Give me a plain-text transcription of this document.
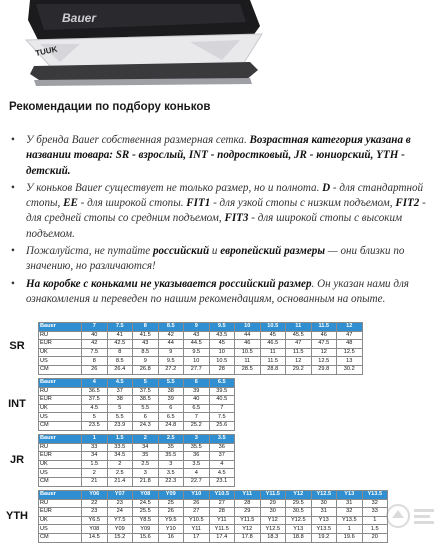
Bauer
TUUK
Рекомендации по подбору коньков
• У бренда Bauer собственная размерная сетка. Возрастная категория указана в названии товара: SR - взрослый, INT - подростковый, JR - юниорский, YTH - детский.
• У коньков Bauer существует не только размер, но и полнота. D - для стандартной стопы, EE - для широкой стопы. FIT1 - для узкой стопы с низким подъемом, FIT2 - для средней стопы со средним подъемом, FIT3 - для широкой стопы с высоким подъемом.
• Пожалуйста, не путайте российский и европейский размеры — они близки по значению, но различаются!
• На коробке с коньками не указывается российский размер. Он указан нами для ознакомления и переведен по нашим рекомендациям, основанным на опыте.
SR
Bauer	7	7.5	8	8.5	9	9.5	10	10.5	11	11.5	12
RU	40	41	41.5	42	43	43.5	44	45	45.5	46	47
EUR	42	42.5	43	44	44.5	45	46	46.5	47	47.5	48
UK	7.5	8	8.5	9	9.5	10	10.5	11	11.5	12	12.5
US	8	8.5	9	9.5	10	10.5	11	11.5	12	12.5	13
CM	26	26.4	26.8	27.2	27.7	28	28.5	28.8	29.2	29.8	30.2
INT
Bauer	4	4.5	5	5.5	6	6.5
RU	36.5	37	37.5	38	39	39.5
EUR	37.5	38	38.5	39	40	40.5
UK	4.5	5	5.5	6	6.5	7
US	5	5.5	6	6.5	7	7.5
CM	23.5	23.9	24.3	24.8	25.2	25.6
JR
Bauer	1	1.5	2	2.5	3	3.5
RU	33	33.5	34	35	35.5	36
EUR	34	34.5	35	35.5	36	37
UK	1.5	2	2.5	3	3.5	4
US	2	2.5	3	3.5	4	4.5
CM	21	21.4	21.8	22.3	22.7	23.1
YTH
Bauer	Y06	Y07	Y08	Y09	Y10	Y10.5	Y11	Y11.5	Y12	Y12.5	Y13	Y13.5
RU	22	23	24.5	25	26	27	28	29	29.5	30	31	32
EUR	23	24	25.5	26	27	28	29	30	30.5	31	32	33
UK	Y6.5	Y7.5	Y8.5	Y9.5	Y10.5	Y11	Y11.5	Y12	Y12.5	Y13	Y13.5	1
US	Y08	Y09	Y09	Y10	Y11	Y11.5	Y12	Y12.5	Y13	Y13.5	1	1.5
CM	14.5	15.2	15.6	16	17	17.4	17.8	18.3	18.8	19.2	19.6	20
